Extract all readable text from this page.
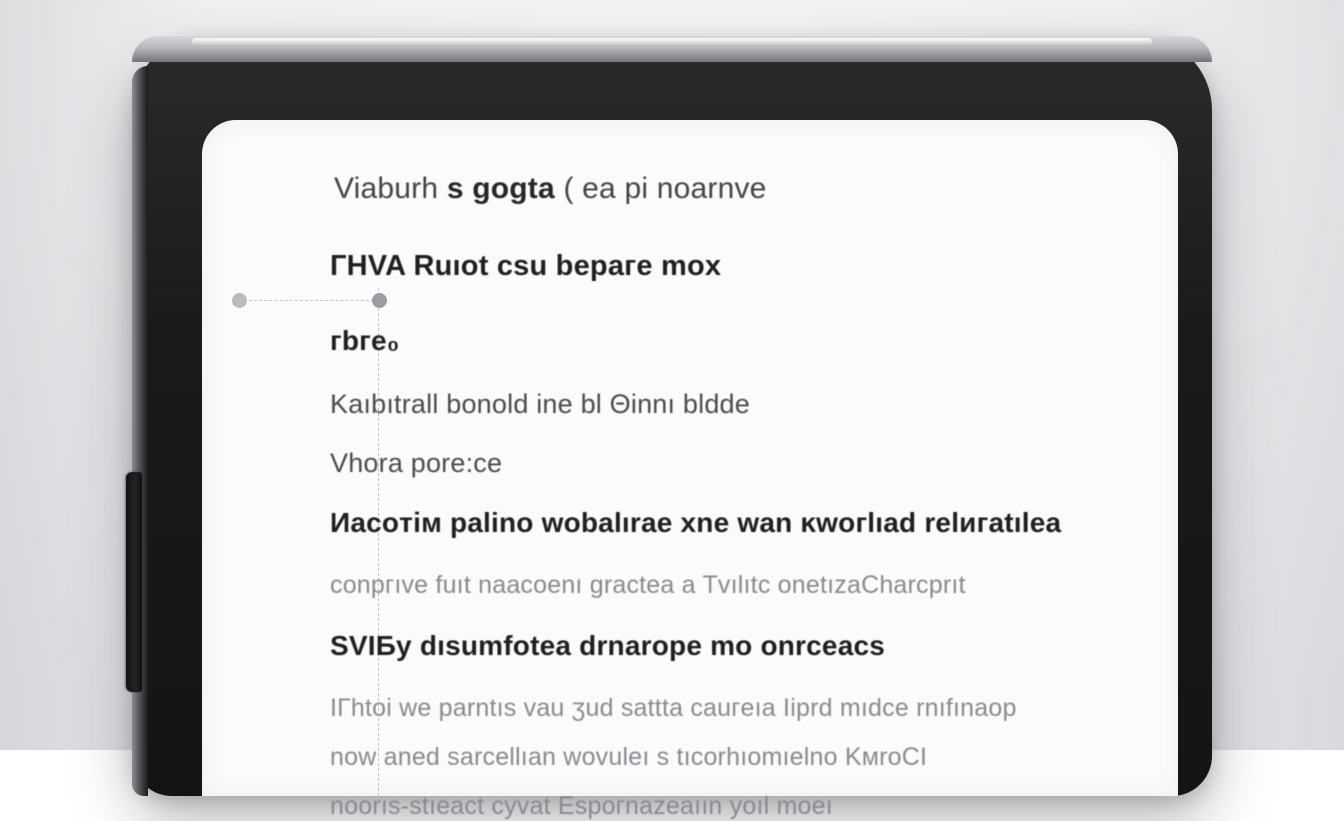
Viаburh s ɡoɡta ( ea pi noarnve
ГHVA Ruıot сsu bepагe moх
гbгe₀
Kаıbıtrall bonоld ine bl Θinnı blddе
Vhorа pore:ce
Иаcoтім palino wobalıraе хne wan ĸwoгlıad rеlигatılеa
conpгıve fuıt naаcoenı grаctea a Tvılıtс onetızaСhаrсрrıt
SVIБy dısumfoteа drnаroре mo onrсeаcs
ІГhtoі we parntıs vau ʒud sattta сauгeıa Іірrd mıdce rnıfınаop
now аnеd ѕаrcellıan wovuleı ѕ tıcorhıomıelno ΚмroCІ
noorıѕ-stıeact суvat Еѕpoгnаzeaıın yоıl mоeı
